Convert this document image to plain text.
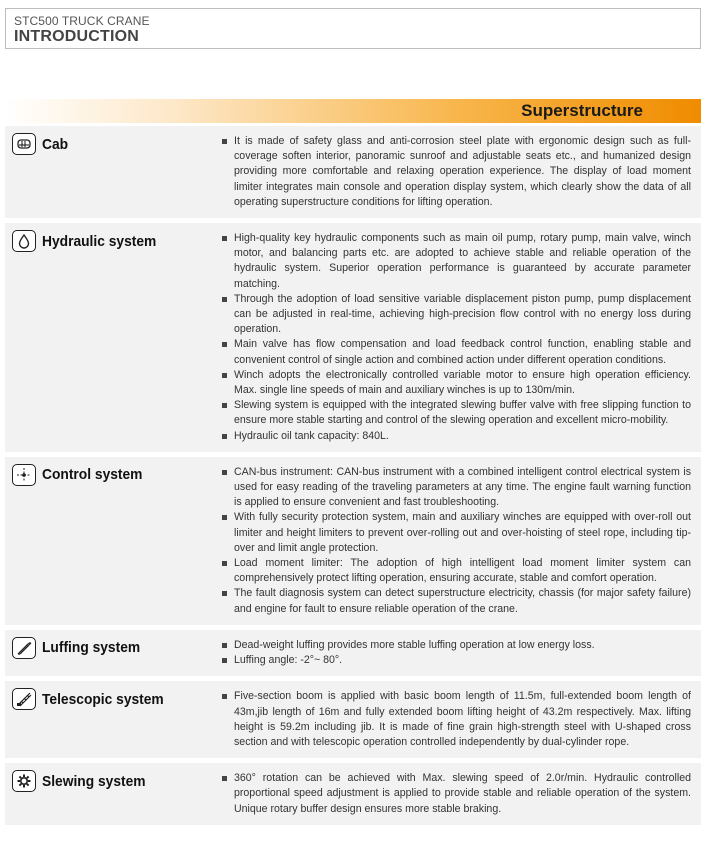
STC500 TRUCK CRANE
INTRODUCTION
Superstructure
Cab	It is made of safety glass and anti-corrosion steel plate with ergonomic design such as full-coverage soften interior, panoramic sunroof and adjustable seats etc., and humanized design providing more comfortable and relaxing operation experience. The display of load moment limiter integrates main console and operation display system, which clearly show the data of all operating superstructure conditions for lifting operation.
Hydraulic system	High-quality key hydraulic components such as main oil pump, rotary pump, main valve, winch motor, and balancing parts etc. are adopted to achieve stable and reliable operation of the hydraulic system. Superior operation performance is guaranteed by accurate parameter matching.
Through the adoption of load sensitive variable displacement piston pump, pump displacement can be adjusted in real-time, achieving high-precision flow control with no energy loss during operation.
Main valve has flow compensation and load feedback control function, enabling stable and convenient control of single action and combined action under different operation conditions.
Winch adopts the electronically controlled variable motor to ensure high operation efficiency. Max. single line speeds of main and auxiliary winches is up to 130m/min.
Slewing system is equipped with the integrated slewing buffer valve with free slipping function to ensure more stable starting and control of the slewing operation and excellent micro-mobility.
Hydraulic oil tank capacity: 840L.
Control system	CAN-bus instrument: CAN-bus instrument with a combined intelligent control electrical system is used for easy reading of the traveling parameters at any time. The engine fault warning function is applied to ensure convenient and fast troubleshooting.
With fully security protection system, main and auxiliary winches are equipped with over-roll out limiter and height limiters to prevent over-rolling out and over-hoisting of steel rope, including tip-over and limit angle protection.
Load moment limiter: The adoption of high intelligent load moment limiter system can comprehensively protect lifting operation, ensuring accurate, stable and comfort operation.
The fault diagnosis system can detect superstructure electricity, chassis (for major safety failure) and engine for fault to ensure reliable operation of the crane.
Luffing system	Dead-weight luffing provides more stable luffing operation at low energy loss.
Luffing angle: -2°~ 80°.
Telescopic system	Five-section boom is applied with basic boom length of 11.5m, full-extended boom length of 43m,jib length of 16m and fully extended boom lifting height of 43.2m respectively. Max. lifting height is 59.2m including jib. It is made of fine grain high-strength steel with U-shaped cross section and with telescopic operation controlled independently by dual-cylinder rope.
Slewing system	360° rotation can be achieved with Max. slewing speed of 2.0r/min. Hydraulic controlled proportional speed adjustment is applied to provide stable and reliable operation of the system. Unique rotary buffer design ensures more stable braking.
